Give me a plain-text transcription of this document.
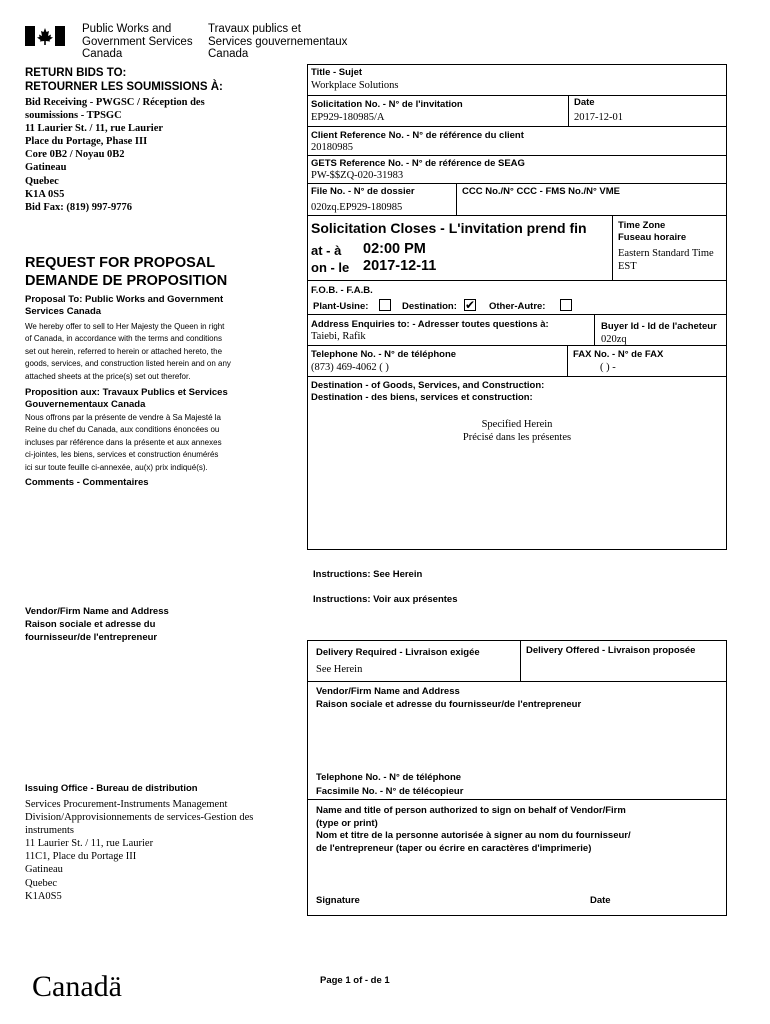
Public Works and
Government Services
Canada
Travaux publics et
Services gouvernementaux
Canada
RETURN BIDS TO:
RETOURNER LES SOUMISSIONS À:
Bid Receiving - PWGSC / Réception des
soumissions - TPSGC
11 Laurier St. / 11, rue Laurier
Place du Portage, Phase III
Core 0B2 / Noyau 0B2
Gatineau
Quebec
K1A 0S5
Bid Fax: (819) 997-9776
REQUEST FOR PROPOSAL
DEMANDE DE PROPOSITION
Proposal To: Public Works and Government
Services Canada
We hereby offer to sell to Her Majesty the Queen in right
of Canada, in accordance with the terms and conditions
set out herein, referred to herein or attached hereto, the
goods, services, and construction listed herein and on any
attached sheets at the price(s) set out therefor.
Proposition aux: Travaux Publics et Services
Gouvernementaux Canada
Nous offrons par la présente de vendre à Sa Majesté la
Reine du chef du Canada, aux conditions énoncées ou
incluses par référence dans la présente et aux annexes
ci-jointes, les biens, services et construction énumérés
ici sur toute feuille ci-annexée, au(x) prix indiqué(s).
Comments - Commentaires
Title - Sujet
Workplace Solutions
Solicitation No. - N° de l'invitation
EP929-180985/A
Date
2017-12-01
Client Reference No. - N° de référence du client
20180985
GETS Reference No. - N° de référence de SEAG
PW-$$ZQ-020-31983
File No. - N° de dossier
020zq.EP929-180985
CCC No./N° CCC - FMS No./N° VME
Solicitation Closes - L'invitation prend fin
at - à 02:00 PM
on - le 2017-12-11
Time Zone
Fuseau horaire
Eastern Standard Time
EST
F.O.B. - F.A.B.
Plant-Usine:	Destination: ✔ Other-Autre:
Address Enquiries to: - Adresser toutes questions à:
Taiebi, Rafik
Buyer Id - Id de l'acheteur
020zq
Telephone No. - N° de téléphone
(873) 469-4062 ( )
FAX No. - N° de FAX
( ) -
Destination - of Goods, Services, and Construction:
Destination - des biens, services et construction:
Specified Herein
Précisé dans les présentes
Instructions: See Herein
Instructions: Voir aux présentes
Vendor/Firm Name and Address
Raison sociale et adresse du
fournisseur/de l'entrepreneur
Delivery Required - Livraison exigée
See Herein
Delivery Offered - Livraison proposée
Vendor/Firm Name and Address
Raison sociale et adresse du fournisseur/de l'entrepreneur
Telephone No. - N° de téléphone
Facsimile No. - N° de télécopieur
Name and title of person authorized to sign on behalf of Vendor/Firm
(type or print)
Nom et titre de la personne autorisée à signer au nom du fournisseur/
de l'entrepreneur (taper ou écrire en caractères d'imprimerie)
Signature	Date
Issuing Office - Bureau de distribution
Services Procurement-Instruments Management
Division/Approvisionnements de services-Gestion des
instruments
11 Laurier St. / 11, rue Laurier
11C1, Place du Portage III
Gatineau
Quebec
K1A0S5
Canadä	Page 1 of - de 1
